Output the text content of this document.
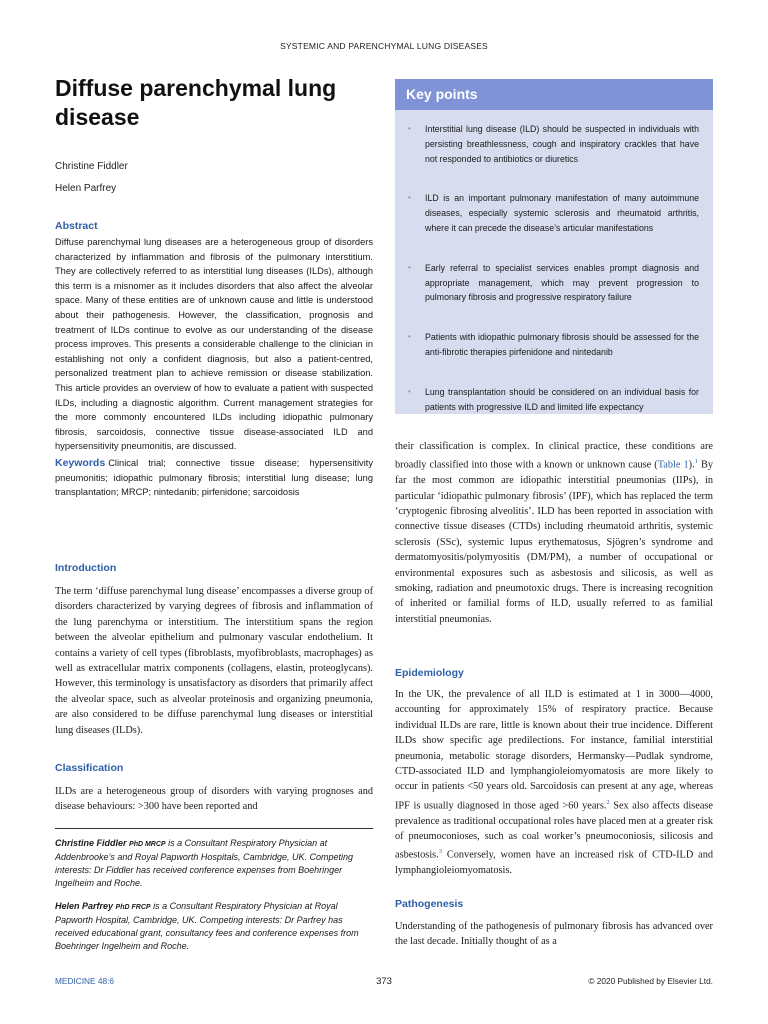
SYSTEMIC AND PARENCHYMAL LUNG DISEASES
Diffuse parenchymal lung disease
Christine Fiddler
Helen Parfrey
Abstract

Diffuse parenchymal lung diseases are a heterogeneous group of disorders characterized by inflammation and fibrosis of the pulmonary interstitium. They are collectively referred to as interstitial lung diseases (ILDs), although this term is a misnomer as it includes disorders that also affect the alveolar space. Many of these entities are of unknown cause and little is understood about their pathogenesis. However, the classification, prognosis and treatment of ILDs continue to evolve as our understanding of the disease process improves. This presents a considerable challenge to the clinician in establishing not only a confident diagnosis, but also a patient-centred, personalized treatment plan to achieve remission or disease stabilization. This article provides an overview of how to evaluate a patient with suspected ILDs, including a diagnostic algorithm. Current management strategies for the more commonly encountered ILDs including idiopathic pulmonary fibrosis, sarcoidosis, connective tissue disease-associated ILD and hypersensitivity pneumonitis, are discussed.

Keywords Clinical trial; connective tissue disease; hypersensitivity pneumonitis; idiopathic pulmonary fibrosis; interstitial lung disease; lung transplantation; MRCP; nintedanib; pirfenidone; sarcoidosis

Introduction

The term ‘diffuse parenchymal lung disease’ encompasses a diverse group of disorders characterized by varying degrees of fibrosis and inflammation of the lung parenchyma or interstitium. The interstitium spans the region between the alveolar epithelium and pulmonary vascular endothelium. It contains a variety of cell types (fibroblasts, myofibroblasts, macrophages) as well as extracellular matrix components (collagens, elastin, proteoglycans). However, this terminology is unsatisfactory as disorders that primarily affect the alveolar space, such as alveolar proteinosis and organizing pneumonia, are also considered to be diffuse parenchymal lung diseases or interstitial lung diseases (ILDs).

Classification

ILDs are a heterogeneous group of disorders with varying prognoses and disease behaviours: >300 have been reported and

Christine Fiddler PhD MRCP is a Consultant Respiratory Physician at Addenbrooke’s and Royal Papworth Hospitals, Cambridge, UK. Competing interests: Dr Fiddler has received conference expenses from Boehringer Ingelheim and Roche.

Helen Parfrey PhD FRCP is a Consultant Respiratory Physician at Royal Papworth Hospital, Cambridge, UK. Competing interests: Dr Parfrey has received educational grant, consultancy fees and conference expenses from Boehringer Ingelheim and Roche.

Key points
• Interstitial lung disease (ILD) should be suspected in individuals with persisting breathlessness, cough and inspiratory crackles that have not responded to antibiotics or diuretics
• ILD is an important pulmonary manifestation of many autoimmune diseases, especially systemic sclerosis and rheumatoid arthritis, where it can precede the disease’s articular manifestations
• Early referral to specialist services enables prompt diagnosis and appropriate management, which may prevent progression to pulmonary fibrosis and progressive respiratory failure
• Patients with idiopathic pulmonary fibrosis should be assessed for the anti-fibrotic therapies pirfenidone and nintedanib
• Lung transplantation should be considered on an individual basis for patients with progressive ILD and limited life expectancy

their classification is complex. In clinical practice, these conditions are broadly classified into those with a known or unknown cause (Table 1).$^1$ By far the most common are idiopathic interstitial pneumonias (IIPs), in particular ‘idiopathic pulmonary fibrosis’ (IPF), which has replaced the term ‘cryptogenic fibrosing alveolitis’. ILD has been reported in association with connective tissue diseases (CTDs) including rheumatoid arthritis, systemic sclerosis (SSc), systemic lupus erythematosus, Sjögren’s syndrome and dermatomyositis/polymyositis (DM/PM), a number of occupational or environmental exposures such as asbestosis and silicosis, as well as smoking, radiation and pneumotoxic drugs. There is increasing recognition of inherited or familial forms of ILD, usually referred to as familial interstitial pneumonias.

Epidemiology

In the UK, the prevalence of all ILD is estimated at 1 in 3000—4000, accounting for approximately 15% of respiratory practice. Because individual ILDs are rare, little is known about their true incidence. Different ILDs show specific age predilections. For instance, familial interstitial pneumonia, metabolic storage disorders, Hermansky—Pudlak syndrome, CTD-associated ILD and lymphangioleiomyomatosis are more likely to occur in patients <50 years old. Sarcoidosis can present at any age, whereas IPF is usually diagnosed in those aged >60 years.$^2$ Sex also affects disease prevalence as traditional occupational roles have placed men at a greater risk of pneumoconioses, such as coal worker’s pneumoconiosis, silicosis and asbestosis.$^3$ Conversely, women have an increased risk of CTD-ILD and lymphangioleiomyomatosis.

Pathogenesis

Understanding of the pathogenesis of pulmonary fibrosis has advanced over the last decade. Initially thought of as a

MEDICINE 48:6	373	© 2020 Published by Elsevier Ltd.
